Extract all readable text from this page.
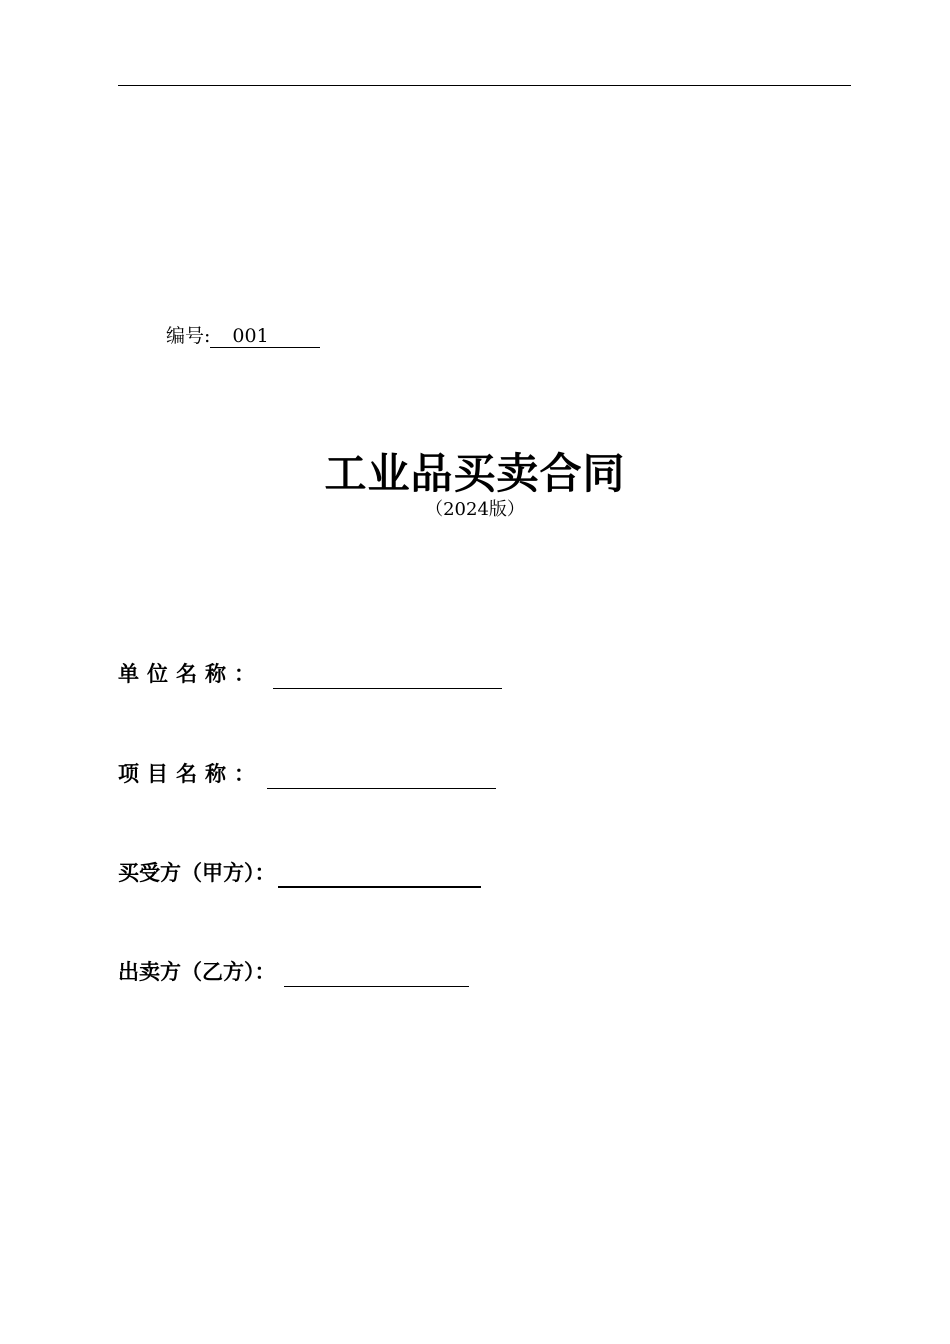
编号: 001
工业品买卖合同
（2024版）
单位名称：
项目名称：
买受方（甲方）：
出卖方（乙方）：
